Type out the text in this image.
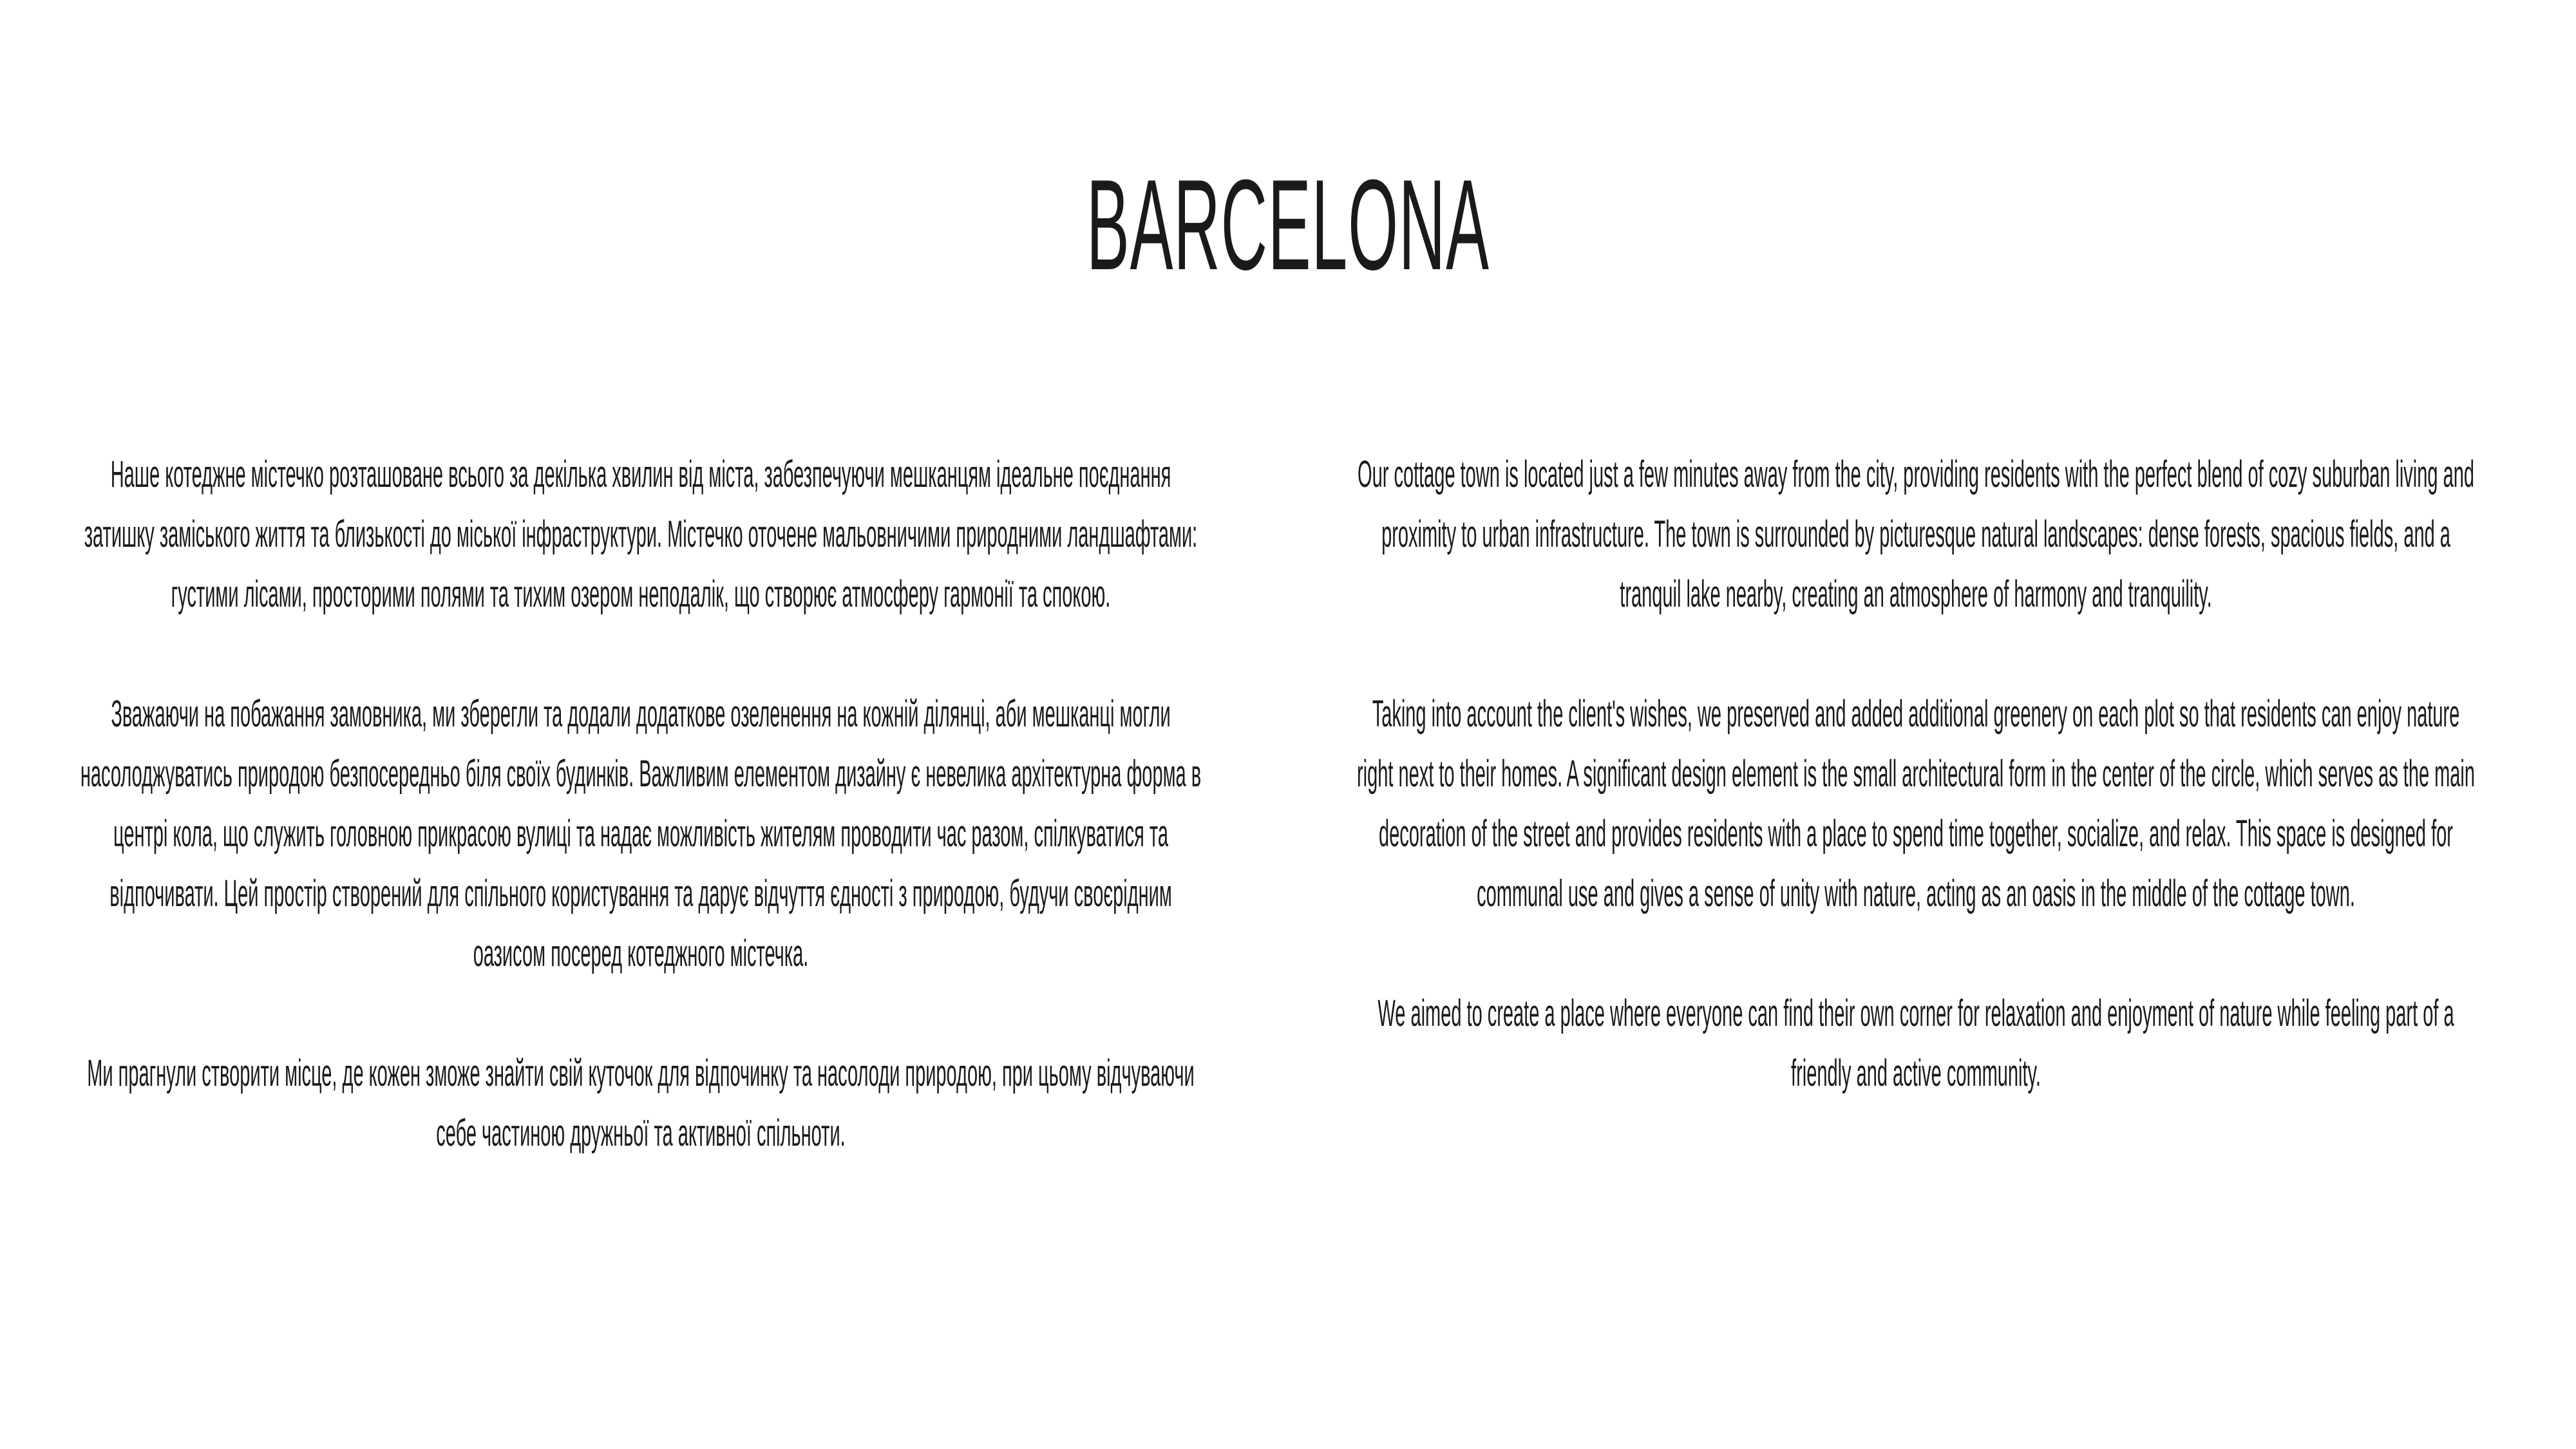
BARCELONA

Наше котеджне містечко розташоване всього за декілька хвилин від міста, забезпечуючи мешканцям ідеальне поєднання затишку заміського життя та близькості до міської інфраструктури. Містечко оточене мальовничими природними ландшафтами: густими лісами, просторими полями та тихим озером неподалік, що створює атмосферу гармонії та спокою.

Зважаючи на побажання замовника, ми зберегли та додали додаткове озеленення на кожній ділянці, аби мешканці могли насолоджуватись природою безпосередньо біля своїх будинків. Важливим елементом дизайну є невелика архітектурна форма в центрі кола, що служить головною прикрасою вулиці та надає можливість жителям проводити час разом, спілкуватися та відпочивати. Цей простір створений для спільного користування та дарує відчуття єдності з природою, будучи своєрідним оазисом посеред котеджного містечка.

Ми прагнули створити місце, де кожен зможе знайти свій куточок для відпочинку та насолоди природою, при цьому відчуваючи себе частиною дружньої та активної спільноти.

Our cottage town is located just a few minutes away from the city, providing residents with the perfect blend of cozy suburban living and proximity to urban infrastructure. The town is surrounded by picturesque natural landscapes: dense forests, spacious fields, and a tranquil lake nearby, creating an atmosphere of harmony and tranquility.

Taking into account the client's wishes, we preserved and added additional greenery on each plot so that residents can enjoy nature right next to their homes. A significant design element is the small architectural form in the center of the circle, which serves as the main decoration of the street and provides residents with a place to spend time together, socialize, and relax. This space is designed for communal use and gives a sense of unity with nature, acting as an oasis in the middle of the cottage town.

We aimed to create a place where everyone can find their own corner for relaxation and enjoyment of nature while feeling part of a friendly and active community.
